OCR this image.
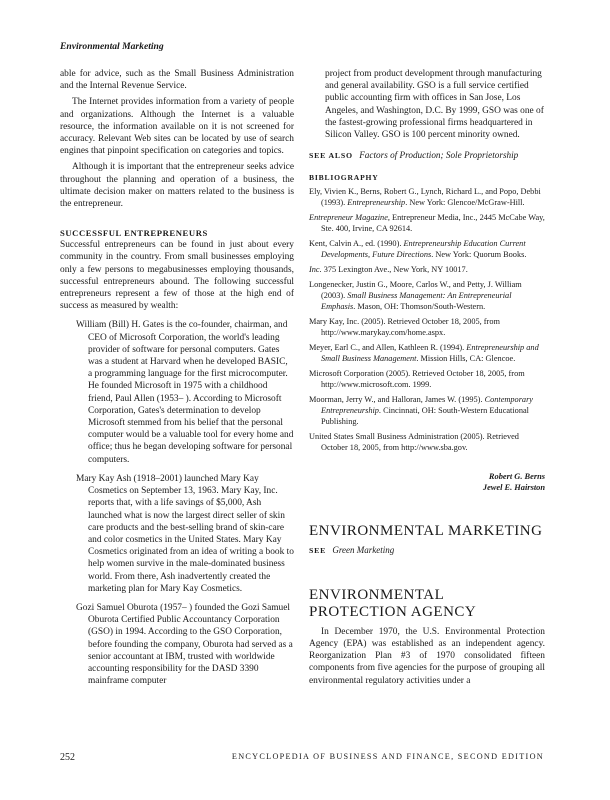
Environmental Marketing

able for advice, such as the Small Business Administration and the Internal Revenue Service.

The Internet provides information from a variety of people and organizations. Although the Internet is a valuable resource, the information available on it is not screened for accuracy. Relevant Web sites can be located by use of search engines that pinpoint specification on categories and topics.

Although it is important that the entrepreneur seeks advice throughout the planning and operation of a business, the ultimate decision maker on matters related to the business is the entrepreneur.

SUCCESSFUL ENTREPRENEURS

Successful entrepreneurs can be found in just about every community in the country. From small businesses employing only a few persons to megabusinesses employing thousands, successful entrepreneurs abound. The following successful entrepreneurs represent a few of those at the high end of success as measured by wealth:

William (Bill) H. Gates is the co-founder, chairman, and CEO of Microsoft Corporation, the world's leading provider of software for personal computers. Gates was a student at Harvard when he developed BASIC, a programming language for the first microcomputer. He founded Microsoft in 1975 with a childhood friend, Paul Allen (1953– ). According to Microsoft Corporation, Gates's determination to develop Microsoft stemmed from his belief that the personal computer would be a valuable tool for every home and office; thus he began developing software for personal computers.

Mary Kay Ash (1918–2001) launched Mary Kay Cosmetics on September 13, 1963. Mary Kay, Inc. reports that, with a life savings of $5,000, Ash launched what is now the largest direct seller of skin care products and the best-selling brand of skin-care and color cosmetics in the United States. Mary Kay Cosmetics originated from an idea of writing a book to help women survive in the male-dominated business world. From there, Ash inadvertently created the marketing plan for Mary Kay Cosmetics.

Gozi Samuel Oburota (1957– ) founded the Gozi Samuel Oburota Certified Public Accountancy Corporation (GSO) in 1994. According to the GSO Corporation, before founding the company, Oburota had served as a senior accountant at IBM, trusted with worldwide accounting responsibility for the DASD 3390 mainframe computer

project from product development through manufacturing and general availability. GSO is a full service certified public accounting firm with offices in San Jose, Los Angeles, and Washington, D.C. By 1999, GSO was one of the fastest-growing professional firms headquartered in Silicon Valley. GSO is 100 percent minority owned.

SEE ALSO Factors of Production; Sole Proprietorship
BIBLIOGRAPHY
Ely, Vivien K., Berns, Robert G., Lynch, Richard L., and Popo, Debbi (1993). Entrepreneurship. New York: Glencoe/McGraw-Hill.
Entrepreneur Magazine, Entrepreneur Media, Inc., 2445 McCabe Way, Ste. 400, Irvine, CA 92614.
Kent, Calvin A., ed. (1990). Entrepreneurship Education Current Developments, Future Directions. New York: Quorum Books.
Inc. 375 Lexington Ave., New York, NY 10017.
Longenecker, Justin G., Moore, Carlos W., and Petty, J. William (2003). Small Business Management: An Entrepreneurial Emphasis. Mason, OH: Thomson/South-Western.
Mary Kay, Inc. (2005). Retrieved October 18, 2005, from http://www.marykay.com/home.aspx.
Meyer, Earl C., and Allen, Kathleen R. (1994). Entrepreneurship and Small Business Management. Mission Hills, CA: Glencoe.
Microsoft Corporation (2005). Retrieved October 18, 2005, from http://www.microsoft.com. 1999.
Moorman, Jerry W., and Halloran, James W. (1995). Contemporary Entrepreneurship. Cincinnati, OH: South-Western Educational Publishing.
United States Small Business Administration (2005). Retrieved October 18, 2005, from http://www.sba.gov.
Robert G. Berns
Jewel E. Hairston
ENVIRONMENTAL MARKETING
SEE Green Marketing
ENVIRONMENTAL PROTECTION AGENCY

In December 1970, the U.S. Environmental Protection Agency (EPA) was established as an independent agency. Reorganization Plan #3 of 1970 consolidated fifteen components from five agencies for the purpose of grouping all environmental regulatory activities under a

252	ENCYCLOPEDIA OF BUSINESS AND FINANCE, SECOND EDITION
